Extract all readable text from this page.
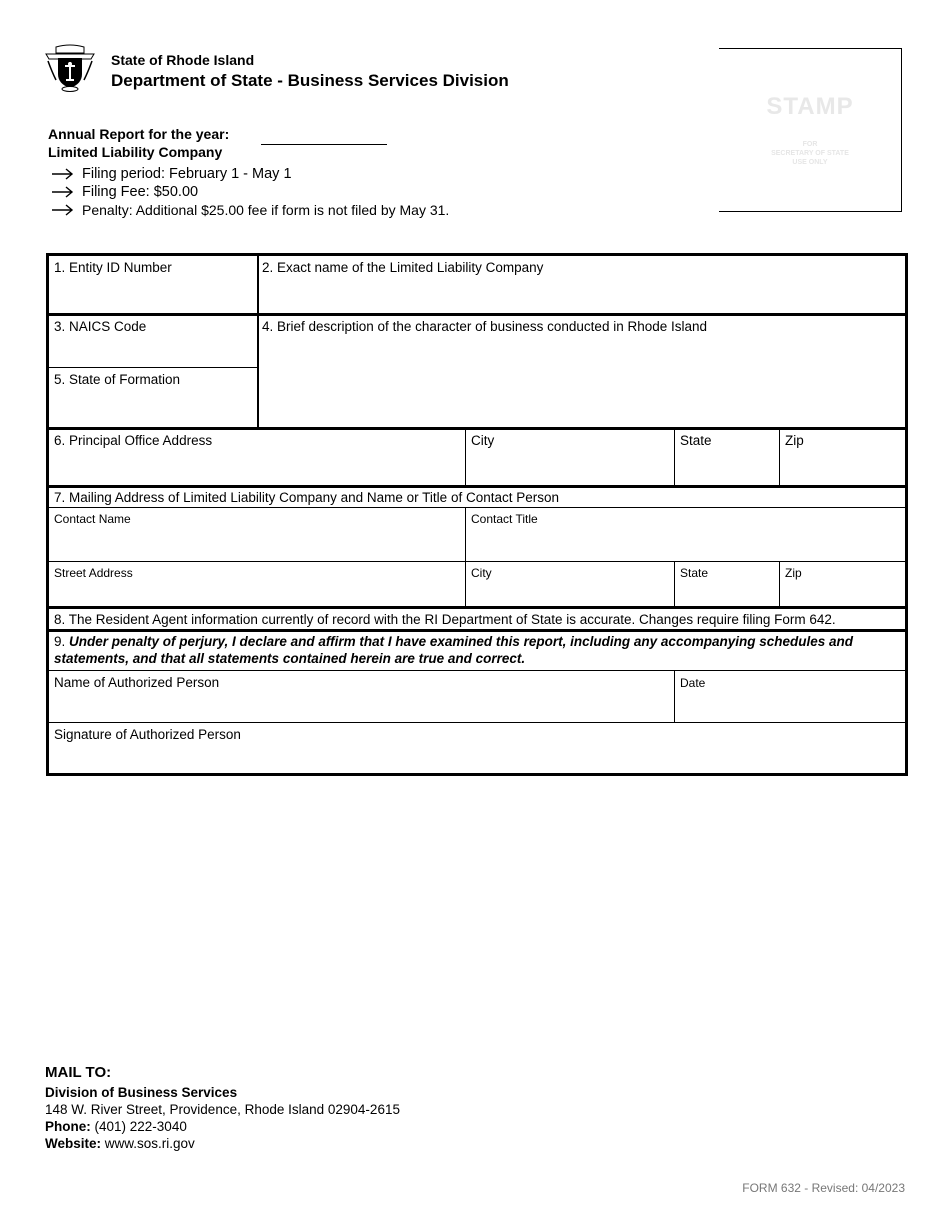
State of Rhode Island
Department of State - Business Services Division
STAMP
FOR
SECRETARY OF STATE
USE ONLY
Annual Report for the year:
Limited Liability Company
Filing period: February 1 - May 1
Filing Fee: $50.00
Penalty: Additional $25.00 fee if form is not filed by May 31.
1. Entity ID Number	2. Exact name of the Limited Liability Company
3. NAICS Code	4. Brief description of the character of business conducted in Rhode Island
5. State of Formation
6. Principal Office Address	City	State	Zip
7. Mailing Address of Limited Liability Company and Name or Title of Contact Person
Contact Name	Contact Title
Street Address	City	State	Zip
8. The Resident Agent information currently of record with the RI Department of State is accurate. Changes require filing Form 642.
9. Under penalty of perjury, I declare and affirm that I have examined this report, including any accompanying schedules and statements, and that all statements contained herein are true and correct.
Name of Authorized Person	Date
Signature of Authorized Person
MAIL TO:
Division of Business Services
148 W. River Street, Providence, Rhode Island 02904-2615
Phone: (401) 222-3040
Website: www.sos.ri.gov
FORM 632 - Revised: 04/2023
